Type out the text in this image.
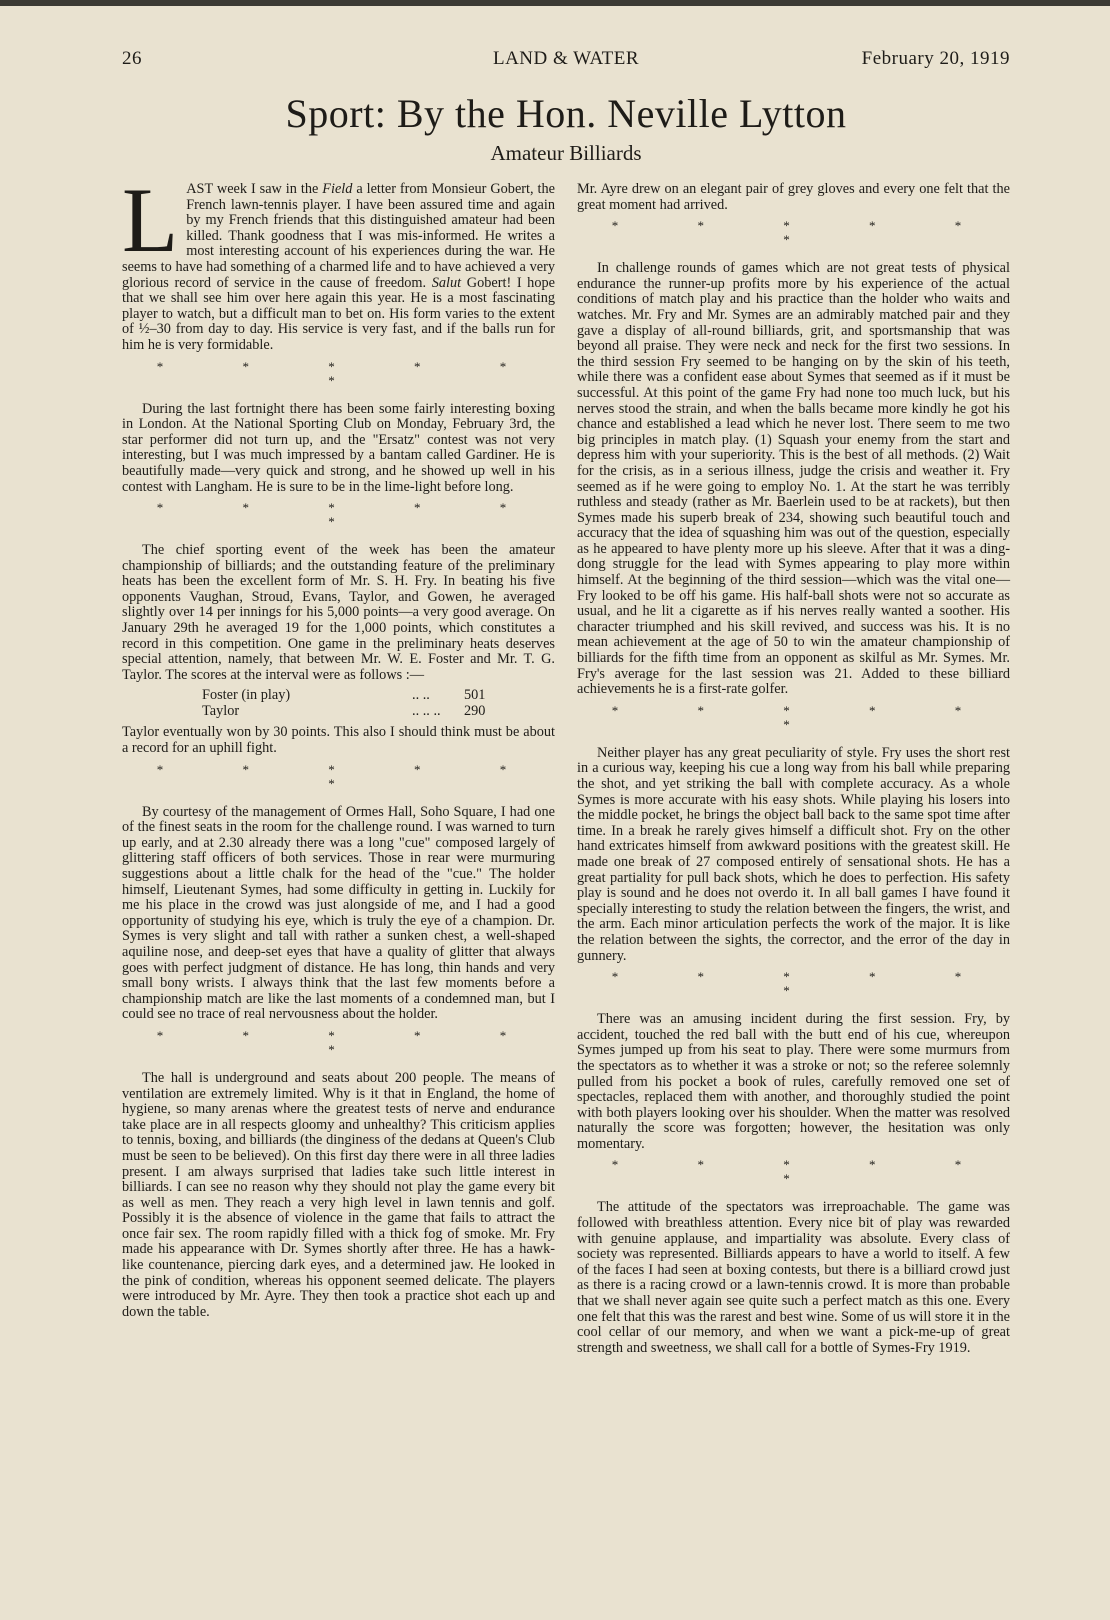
26	LAND & WATER	February 20, 1919
Sport: By the Hon. Neville Lytton
Amateur Billiards

LAST week I saw in the Field a letter from Monsieur Gobert, the French lawn-tennis player. I have been assured time and again by my French friends that this distinguished amateur had been killed. Thank goodness that I was mis-informed. He writes a most interesting account of his experiences during the war. He seems to have had something of a charmed life and to have achieved a very glorious record of service in the cause of freedom. Salut Gobert! I hope that we shall see him over here again this year. He is a most fascinating player to watch, but a difficult man to bet on. His form varies to the extent of ½–30 from day to day. His service is very fast, and if the balls run for him he is very formidable.

* * * * * *

During the last fortnight there has been some fairly interesting boxing in London. At the National Sporting Club on Monday, February 3rd, the star performer did not turn up, and the "Ersatz" contest was not very interesting, but I was much impressed by a bantam called Gardiner. He is beautifully made—very quick and strong, and he showed up well in his contest with Langham. He is sure to be in the lime-light before long.

* * * * * *

The chief sporting event of the week has been the amateur championship of billiards; and the outstanding feature of the preliminary heats has been the excellent form of Mr. S. H. Fry. In beating his five opponents Vaughan, Stroud, Evans, Taylor, and Gowen, he averaged slightly over 14 per innings for his 5,000 points—a very good average. On January 29th he averaged 19 for the 1,000 points, which constitutes a record in this competition. One game in the preliminary heats deserves special attention, namely, that between Mr. W. E. Foster and Mr. T. G. Taylor. The scores at the interval were as follows :—

Foster (in play)	.. ..	501
Taylor	.. .. ..	290

Taylor eventually won by 30 points. This also I should think must be about a record for an uphill fight.

* * * * * *

By courtesy of the management of Ormes Hall, Soho Square, I had one of the finest seats in the room for the challenge round. I was warned to turn up early, and at 2.30 already there was a long "cue" composed largely of glittering staff officers of both services. Those in rear were murmuring suggestions about a little chalk for the head of the "cue." The holder himself, Lieutenant Symes, had some difficulty in getting in. Luckily for me his place in the crowd was just alongside of me, and I had a good opportunity of studying his eye, which is truly the eye of a champion. Dr. Symes is very slight and tall with rather a sunken chest, a well-shaped aquiline nose, and deep-set eyes that have a quality of glitter that always goes with perfect judgment of distance. He has long, thin hands and very small bony wrists. I always think that the last few moments before a championship match are like the last moments of a condemned man, but I could see no trace of real nervousness about the holder.

* * * * * *

The hall is underground and seats about 200 people. The means of ventilation are extremely limited. Why is it that in England, the home of hygiene, so many arenas where the greatest tests of nerve and endurance take place are in all respects gloomy and unhealthy? This criticism applies to tennis, boxing, and billiards (the dinginess of the dedans at Queen's Club must be seen to be believed). On this first day there were in all three ladies present. I am always surprised that ladies take such little interest in billiards. I can see no reason why they should not play the game every bit as well as men. They reach a very high level in lawn tennis and golf. Possibly it is the absence of violence in the game that fails to attract the once fair sex. The room rapidly filled with a thick fog of smoke. Mr. Fry made his appearance with Dr. Symes shortly after three. He has a hawk-like countenance, piercing dark eyes, and a determined jaw. He looked in the pink of condition, whereas his opponent seemed delicate. The players were introduced by Mr. Ayre. They then took a practice shot each up and down the table.

Mr. Ayre drew on an elegant pair of grey gloves and every one felt that the great moment had arrived.

* * * * * *

In challenge rounds of games which are not great tests of physical endurance the runner-up profits more by his experience of the actual conditions of match play and his practice than the holder who waits and watches. Mr. Fry and Mr. Symes are an admirably matched pair and they gave a display of all-round billiards, grit, and sportsmanship that was beyond all praise. They were neck and neck for the first two sessions. In the third session Fry seemed to be hanging on by the skin of his teeth, while there was a confident ease about Symes that seemed as if it must be successful. At this point of the game Fry had none too much luck, but his nerves stood the strain, and when the balls became more kindly he got his chance and established a lead which he never lost. There seem to me two big principles in match play. (1) Squash your enemy from the start and depress him with your superiority. This is the best of all methods. (2) Wait for the crisis, as in a serious illness, judge the crisis and weather it. Fry seemed as if he were going to employ No. 1. At the start he was terribly ruthless and steady (rather as Mr. Baerlein used to be at rackets), but then Symes made his superb break of 234, showing such beautiful touch and accuracy that the idea of squashing him was out of the question, especially as he appeared to have plenty more up his sleeve. After that it was a ding-dong struggle for the lead with Symes appearing to play more within himself. At the beginning of the third session—which was the vital one—Fry looked to be off his game. His half-ball shots were not so accurate as usual, and he lit a cigarette as if his nerves really wanted a soother. His character triumphed and his skill revived, and success was his. It is no mean achievement at the age of 50 to win the amateur championship of billiards for the fifth time from an opponent as skilful as Mr. Symes. Mr. Fry's average for the last session was 21. Added to these billiard achievements he is a first-rate golfer.

* * * * * *

Neither player has any great peculiarity of style. Fry uses the short rest in a curious way, keeping his cue a long way from his ball while preparing the shot, and yet striking the ball with complete accuracy. As a whole Symes is more accurate with his easy shots. While playing his losers into the middle pocket, he brings the object ball back to the same spot time after time. In a break he rarely gives himself a difficult shot. Fry on the other hand extricates himself from awkward positions with the greatest skill. He made one break of 27 composed entirely of sensational shots. He has a great partiality for pull back shots, which he does to perfection. His safety play is sound and he does not overdo it. In all ball games I have found it specially interesting to study the relation between the fingers, the wrist, and the arm. Each minor articulation perfects the work of the major. It is like the relation between the sights, the corrector, and the error of the day in gunnery.

* * * * * *

There was an amusing incident during the first session. Fry, by accident, touched the red ball with the butt end of his cue, whereupon Symes jumped up from his seat to play. There were some murmurs from the spectators as to whether it was a stroke or not; so the referee solemnly pulled from his pocket a book of rules, carefully removed one set of spectacles, replaced them with another, and thoroughly studied the point with both players looking over his shoulder. When the matter was resolved naturally the score was forgotten; however, the hesitation was only momentary.

* * * * * *

The attitude of the spectators was irreproachable. The game was followed with breathless attention. Every nice bit of play was rewarded with genuine applause, and impartiality was absolute. Every class of society was represented. Billiards appears to have a world to itself. A few of the faces I had seen at boxing contests, but there is a billiard crowd just as there is a racing crowd or a lawn-tennis crowd. It is more than probable that we shall never again see quite such a perfect match as this one. Every one felt that this was the rarest and best wine. Some of us will store it in the cool cellar of our memory, and when we want a pick-me-up of great strength and sweetness, we shall call for a bottle of Symes-Fry 1919.
